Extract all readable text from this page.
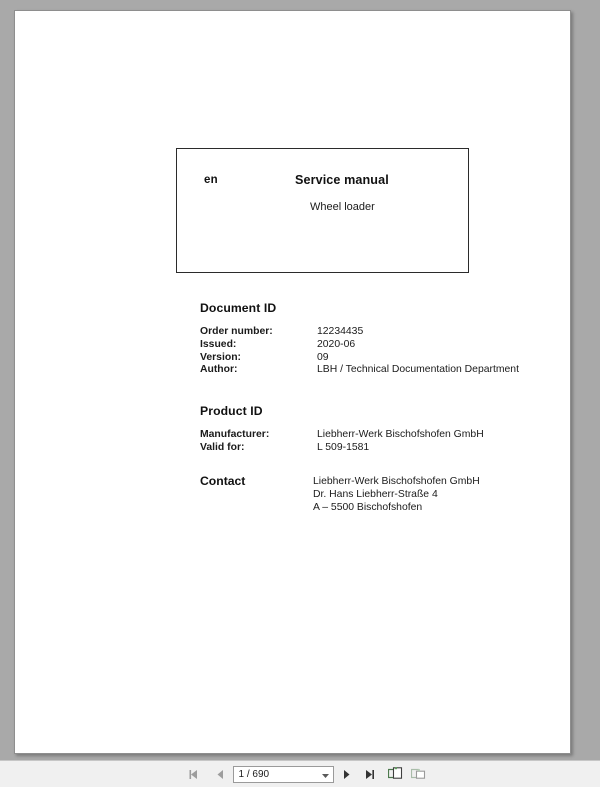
en	Service manual
Wheel loader
Document ID
Order number:	12234435
Issued:	2020-06
Version:	09
Author:	LBH / Technical Documentation Department
Product ID
Manufacturer:	Liebherr-Werk Bischofshofen GmbH
Valid for:	L 509-1581
Contact	Liebherr-Werk Bischofshofen GmbH
Dr. Hans Liebherr-Straße 4
A – 5500 Bischofshofen
1 / 690
